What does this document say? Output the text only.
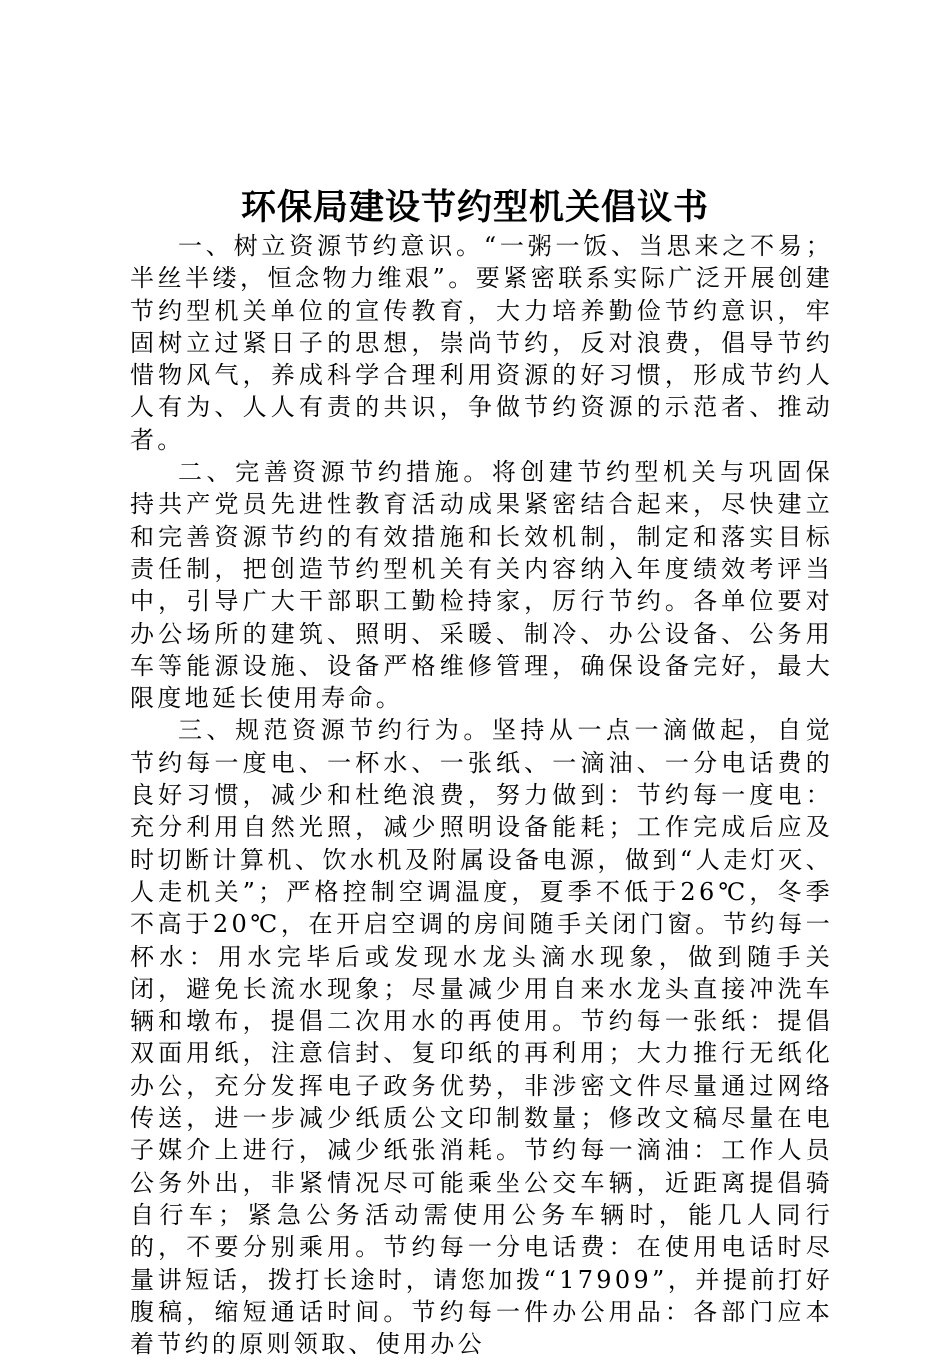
环保局建设节约型机关倡议书

一、树立资源节约意识。“一粥一饭、当思来之不易；半丝半缕，恒念物力维艰”。要紧密联系实际广泛开展创建节约型机关单位的宣传教育，大力培养勤俭节约意识，牢固树立过紧日子的思想，崇尚节约，反对浪费，倡导节约惜物风气，养成科学合理利用资源的好习惯，形成节约人人有为、人人有责的共识，争做节约资源的示范者、推动者。

二、完善资源节约措施。将创建节约型机关与巩固保持共产党员先进性教育活动成果紧密结合起来，尽快建立和完善资源节约的有效措施和长效机制，制定和落实目标责任制，把创造节约型机关有关内容纳入年度绩效考评当中，引导广大干部职工勤检持家，厉行节约。各单位要对办公场所的建筑、照明、采暖、制冷、办公设备、公务用车等能源设施、设备严格维修管理，确保设备完好，最大限度地延长使用寿命。

三、规范资源节约行为。坚持从一点一滴做起，自觉节约每一度电、一杯水、一张纸、一滴油、一分电话费的良好习惯，减少和杜绝浪费，努力做到：节约每一度电：充分利用自然光照，减少照明设备能耗；工作完成后应及时切断计算机、饮水机及附属设备电源，做到“人走灯灭、人走机关”；严格控制空调温度，夏季不低于26℃，冬季不高于20℃，在开启空调的房间随手关闭门窗。节约每一杯水：用水完毕后或发现水龙头滴水现象，做到随手关闭，避免长流水现象；尽量减少用自来水龙头直接冲洗车辆和墩布，提倡二次用水的再使用。节约每一张纸：提倡双面用纸，注意信封、复印纸的再利用；大力推行无纸化办公，充分发挥电子政务优势，非涉密文件尽量通过网络传送，进一步减少纸质公文印制数量；修改文稿尽量在电子媒介上进行，减少纸张消耗。节约每一滴油：工作人员公务外出，非紧情况尽可能乘坐公交车辆，近距离提倡骑自行车；紧急公务活动需使用公务车辆时，能几人同行的，不要分别乘用。节约每一分电话费：在使用电话时尽量讲短话，拨打长途时，请您加拨“17909”，并提前打好腹稿，缩短通话时间。节约每一件办公用品：各部门应本着节约的原则领取、使用办公
